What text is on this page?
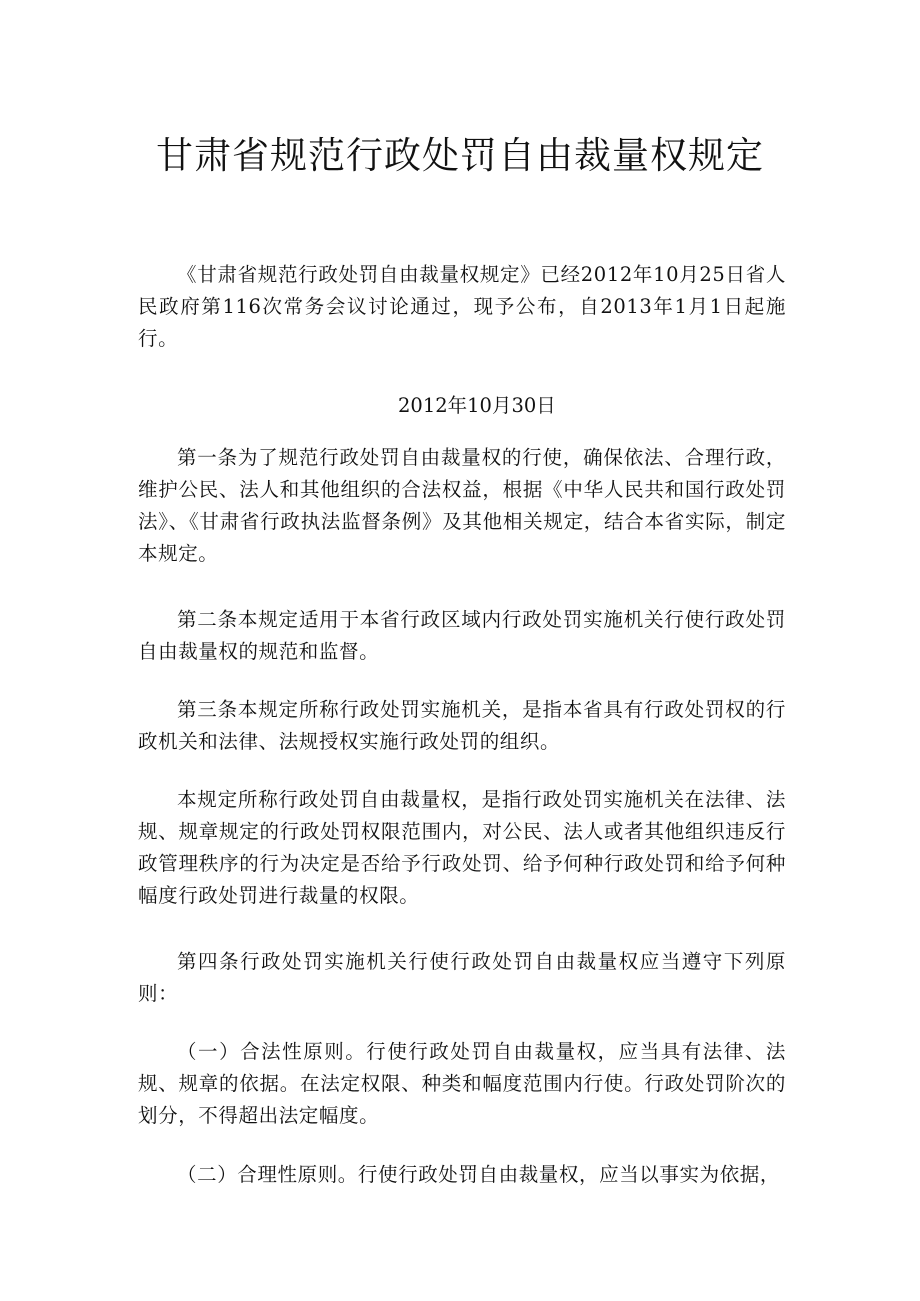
甘肃省规范行政处罚自由裁量权规定

《甘肃省规范行政处罚自由裁量权规定》已经2012年10月25日省人民政府第116次常务会议讨论通过，现予公布，自2013年1月1日起施行。

第一条为了规范行政处罚自由裁量权的行使，确保依法、合理行政，维护公民、法人和其他组织的合法权益，根据《中华人民共和国行政处罚法》、《甘肃省行政执法监督条例》及其他相关规定，结合本省实际，制定本规定。

第二条本规定适用于本省行政区域内行政处罚实施机关行使行政处罚自由裁量权的规范和监督。

第三条本规定所称行政处罚实施机关，是指本省具有行政处罚权的行政机关和法律、法规授权实施行政处罚的组织。

本规定所称行政处罚自由裁量权，是指行政处罚实施机关在法律、法规、规章规定的行政处罚权限范围内，对公民、法人或者其他组织违反行政管理秩序的行为决定是否给予行政处罚、给予何种行政处罚和给予何种幅度行政处罚进行裁量的权限。

第四条行政处罚实施机关行使行政处罚自由裁量权应当遵守下列原则：

（一）合法性原则。行使行政处罚自由裁量权，应当具有法律、法规、规章的依据。在法定权限、种类和幅度范围内行使。行政处罚阶次的划分，不得超出法定幅度。

（二）合理性原则。行使行政处罚自由裁量权，应当以事实为依据，

2012年10月30日
